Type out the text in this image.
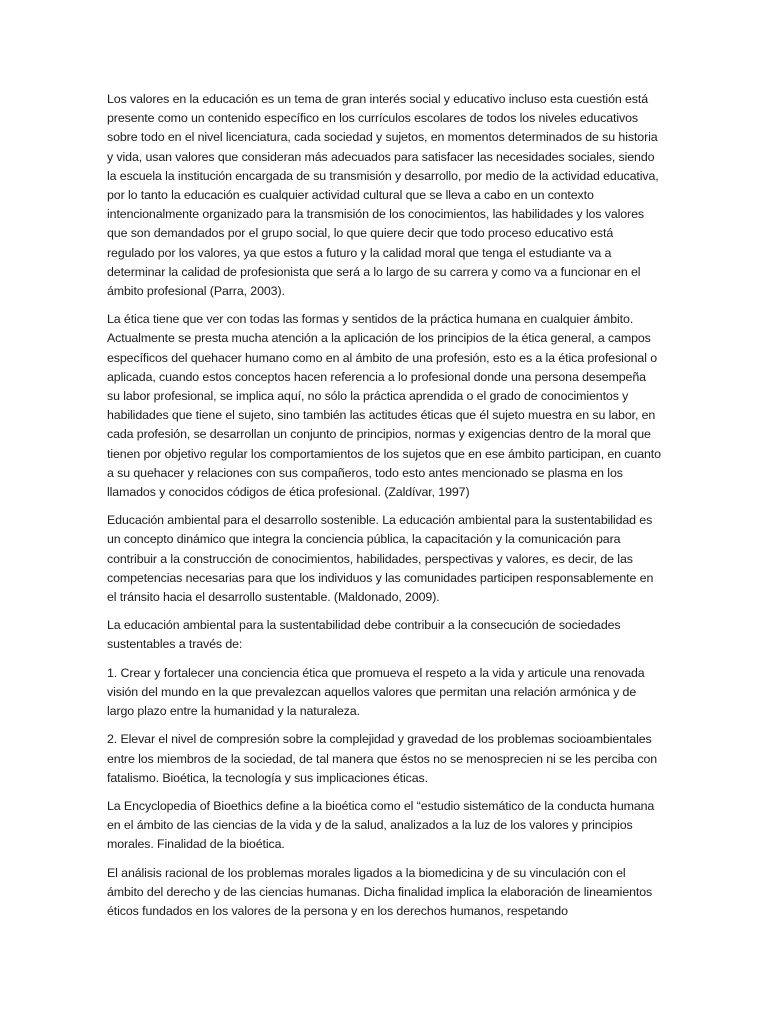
Los valores en la educación es un tema de gran interés social y educativo incluso esta cuestión está presente como un contenido específico en los currículos escolares de todos los niveles educativos sobre todo en el nivel licenciatura, cada sociedad y sujetos, en momentos determinados de su historia y vida, usan valores que consideran más adecuados para satisfacer las necesidades sociales, siendo la escuela la institución encargada de su transmisión y desarrollo, por medio de la actividad educativa, por lo tanto la educación es cualquier actividad cultural que se lleva a cabo en un contexto intencionalmente organizado para la transmisión de los conocimientos, las habilidades y los valores que son demandados por el grupo social, lo que quiere decir que todo proceso educativo está regulado por los valores, ya que estos a futuro y la calidad moral que tenga el estudiante va a determinar la calidad de profesionista que será a lo largo de su carrera y como va a funcionar en el ámbito profesional (Parra, 2003).

La ética tiene que ver con todas las formas y sentidos de la práctica humana en cualquier ámbito. Actualmente se presta mucha atención a la aplicación de los principios de la ética general, a campos específicos del quehacer humano como en al ámbito de una profesión, esto es a la ética profesional o aplicada, cuando estos conceptos hacen referencia a lo profesional donde una persona desempeña su labor profesional, se implica aquí, no sólo la práctica aprendida o el grado de conocimientos y habilidades que tiene el sujeto, sino también las actitudes éticas que él sujeto muestra en su labor, en cada profesión, se desarrollan un conjunto de principios, normas y exigencias dentro de la moral que tienen por objetivo regular los comportamientos de los sujetos que en ese ámbito participan, en cuanto a su quehacer y relaciones con sus compañeros, todo esto antes mencionado se plasma en los llamados y conocidos códigos de ética profesional. (Zaldívar, 1997)

Educación ambiental para el desarrollo sostenible. La educación ambiental para la sustentabilidad es un concepto dinámico que integra la conciencia pública, la capacitación y la comunicación para contribuir a la construcción de conocimientos, habilidades, perspectivas y valores, es decir, de las competencias necesarias para que los individuos y las comunidades participen responsablemente en el tránsito hacia el desarrollo sustentable. (Maldonado, 2009).

La educación ambiental para la sustentabilidad debe contribuir a la consecución de sociedades sustentables a través de:

1. Crear y fortalecer una conciencia ética que promueva el respeto a la vida y articule una renovada visión del mundo en la que prevalezcan aquellos valores que permitan una relación armónica y de largo plazo entre la humanidad y la naturaleza.

2. Elevar el nivel de compresión sobre la complejidad y gravedad de los problemas socioambientales entre los miembros de la sociedad, de tal manera que éstos no se menosprecien ni se les perciba con fatalismo. Bioética, la tecnología y sus implicaciones éticas.

La Encyclopedia of Bioethics define a la bioética como el “estudio sistemático de la conducta humana en el ámbito de las ciencias de la vida y de la salud, analizados a la luz de los valores y principios morales. Finalidad de la bioética.

El análisis racional de los problemas morales ligados a la biomedicina y de su vinculación con el ámbito del derecho y de las ciencias humanas. Dicha finalidad implica la elaboración de lineamientos éticos fundados en los valores de la persona y en los derechos humanos, respetando
